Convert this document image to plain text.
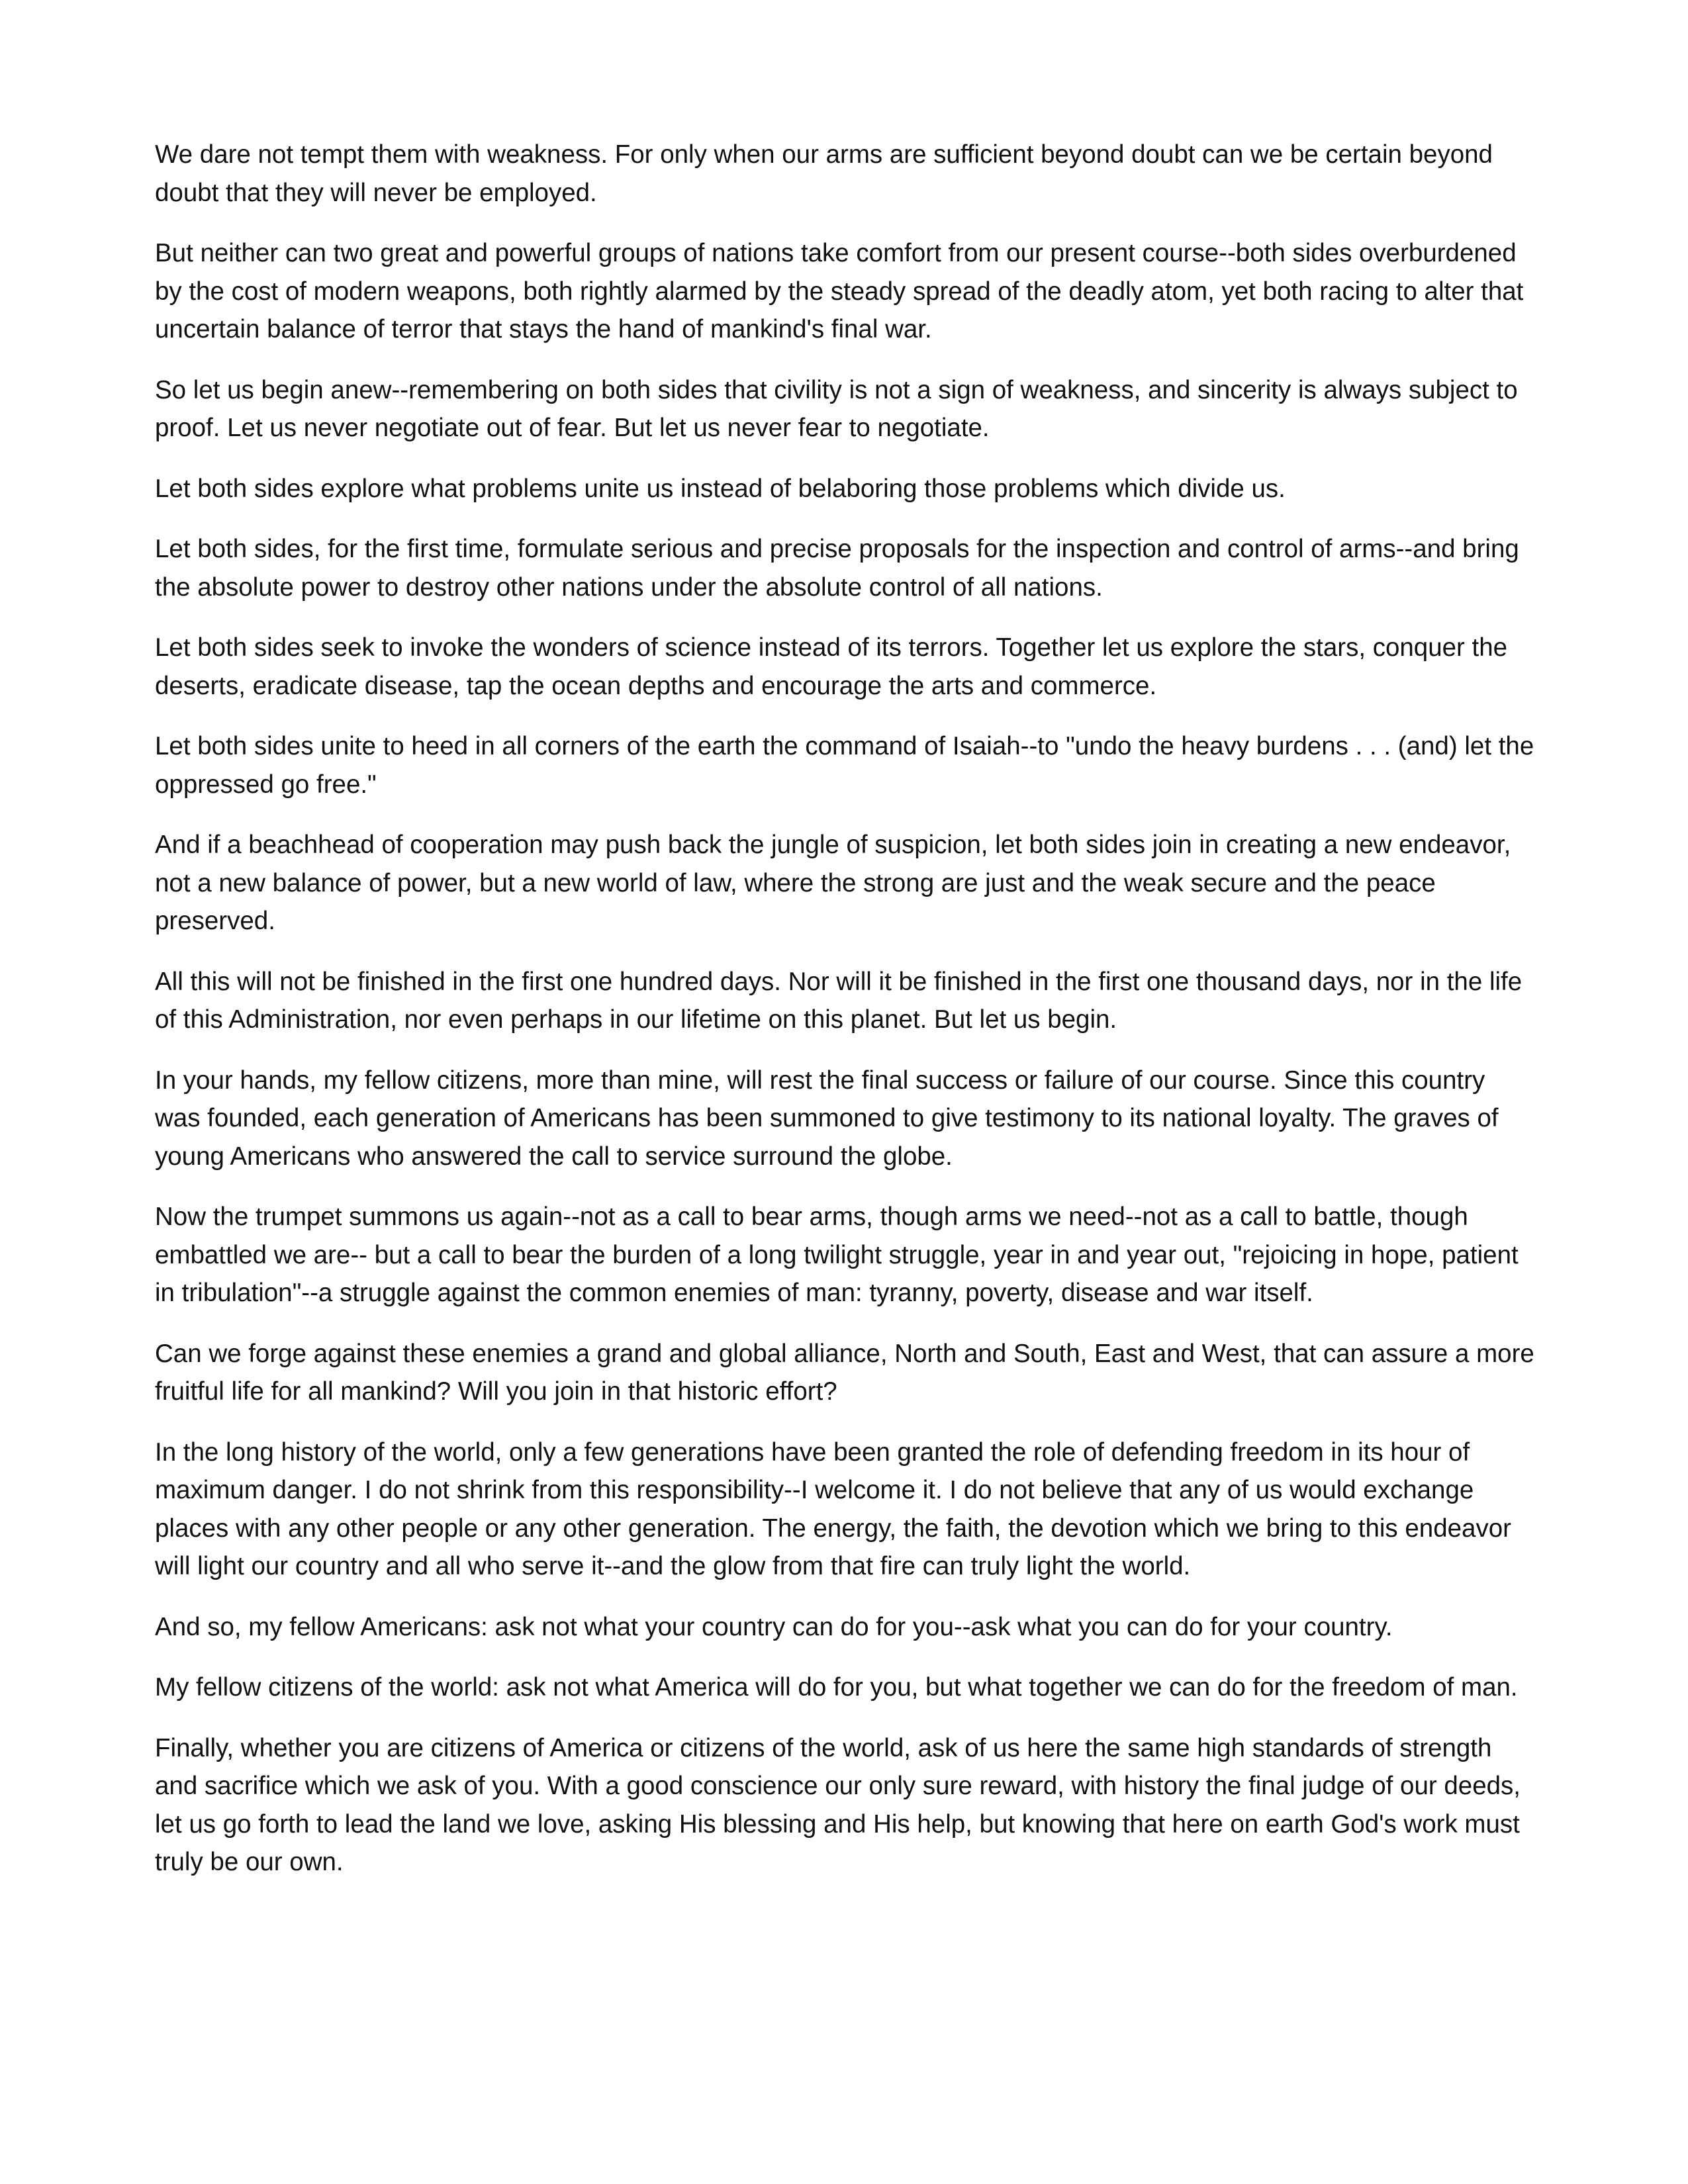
We dare not tempt them with weakness. For only when our arms are sufficient beyond doubt can we be certain beyond doubt that they will never be employed.

But neither can two great and powerful groups of nations take comfort from our present course--both sides overburdened by the cost of modern weapons, both rightly alarmed by the steady spread of the deadly atom, yet both racing to alter that uncertain balance of terror that stays the hand of mankind's final war.

So let us begin anew--remembering on both sides that civility is not a sign of weakness, and sincerity is always subject to proof. Let us never negotiate out of fear. But let us never fear to negotiate.

Let both sides explore what problems unite us instead of belaboring those problems which divide us.

Let both sides, for the first time, formulate serious and precise proposals for the inspection and control of arms--and bring the absolute power to destroy other nations under the absolute control of all nations.

Let both sides seek to invoke the wonders of science instead of its terrors. Together let us explore the stars, conquer the deserts, eradicate disease, tap the ocean depths and encourage the arts and commerce.

Let both sides unite to heed in all corners of the earth the command of Isaiah--to "undo the heavy burdens . . . (and) let the oppressed go free."

And if a beachhead of cooperation may push back the jungle of suspicion, let both sides join in creating a new endeavor, not a new balance of power, but a new world of law, where the strong are just and the weak secure and the peace preserved.

All this will not be finished in the first one hundred days. Nor will it be finished in the first one thousand days, nor in the life of this Administration, nor even perhaps in our lifetime on this planet. But let us begin.

In your hands, my fellow citizens, more than mine, will rest the final success or failure of our course. Since this country was founded, each generation of Americans has been summoned to give testimony to its national loyalty. The graves of young Americans who answered the call to service surround the globe.

Now the trumpet summons us again--not as a call to bear arms, though arms we need--not as a call to battle, though embattled we are-- but a call to bear the burden of a long twilight struggle, year in and year out, "rejoicing in hope, patient in tribulation"--a struggle against the common enemies of man: tyranny, poverty, disease and war itself.

Can we forge against these enemies a grand and global alliance, North and South, East and West, that can assure a more fruitful life for all mankind? Will you join in that historic effort?

In the long history of the world, only a few generations have been granted the role of defending freedom in its hour of maximum danger. I do not shrink from this responsibility--I welcome it. I do not believe that any of us would exchange places with any other people or any other generation. The energy, the faith, the devotion which we bring to this endeavor will light our country and all who serve it--and the glow from that fire can truly light the world.

And so, my fellow Americans: ask not what your country can do for you--ask what you can do for your country.

My fellow citizens of the world: ask not what America will do for you, but what together we can do for the freedom of man.

Finally, whether you are citizens of America or citizens of the world, ask of us here the same high standards of strength and sacrifice which we ask of you. With a good conscience our only sure reward, with history the final judge of our deeds, let us go forth to lead the land we love, asking His blessing and His help, but knowing that here on earth God's work must truly be our own.
